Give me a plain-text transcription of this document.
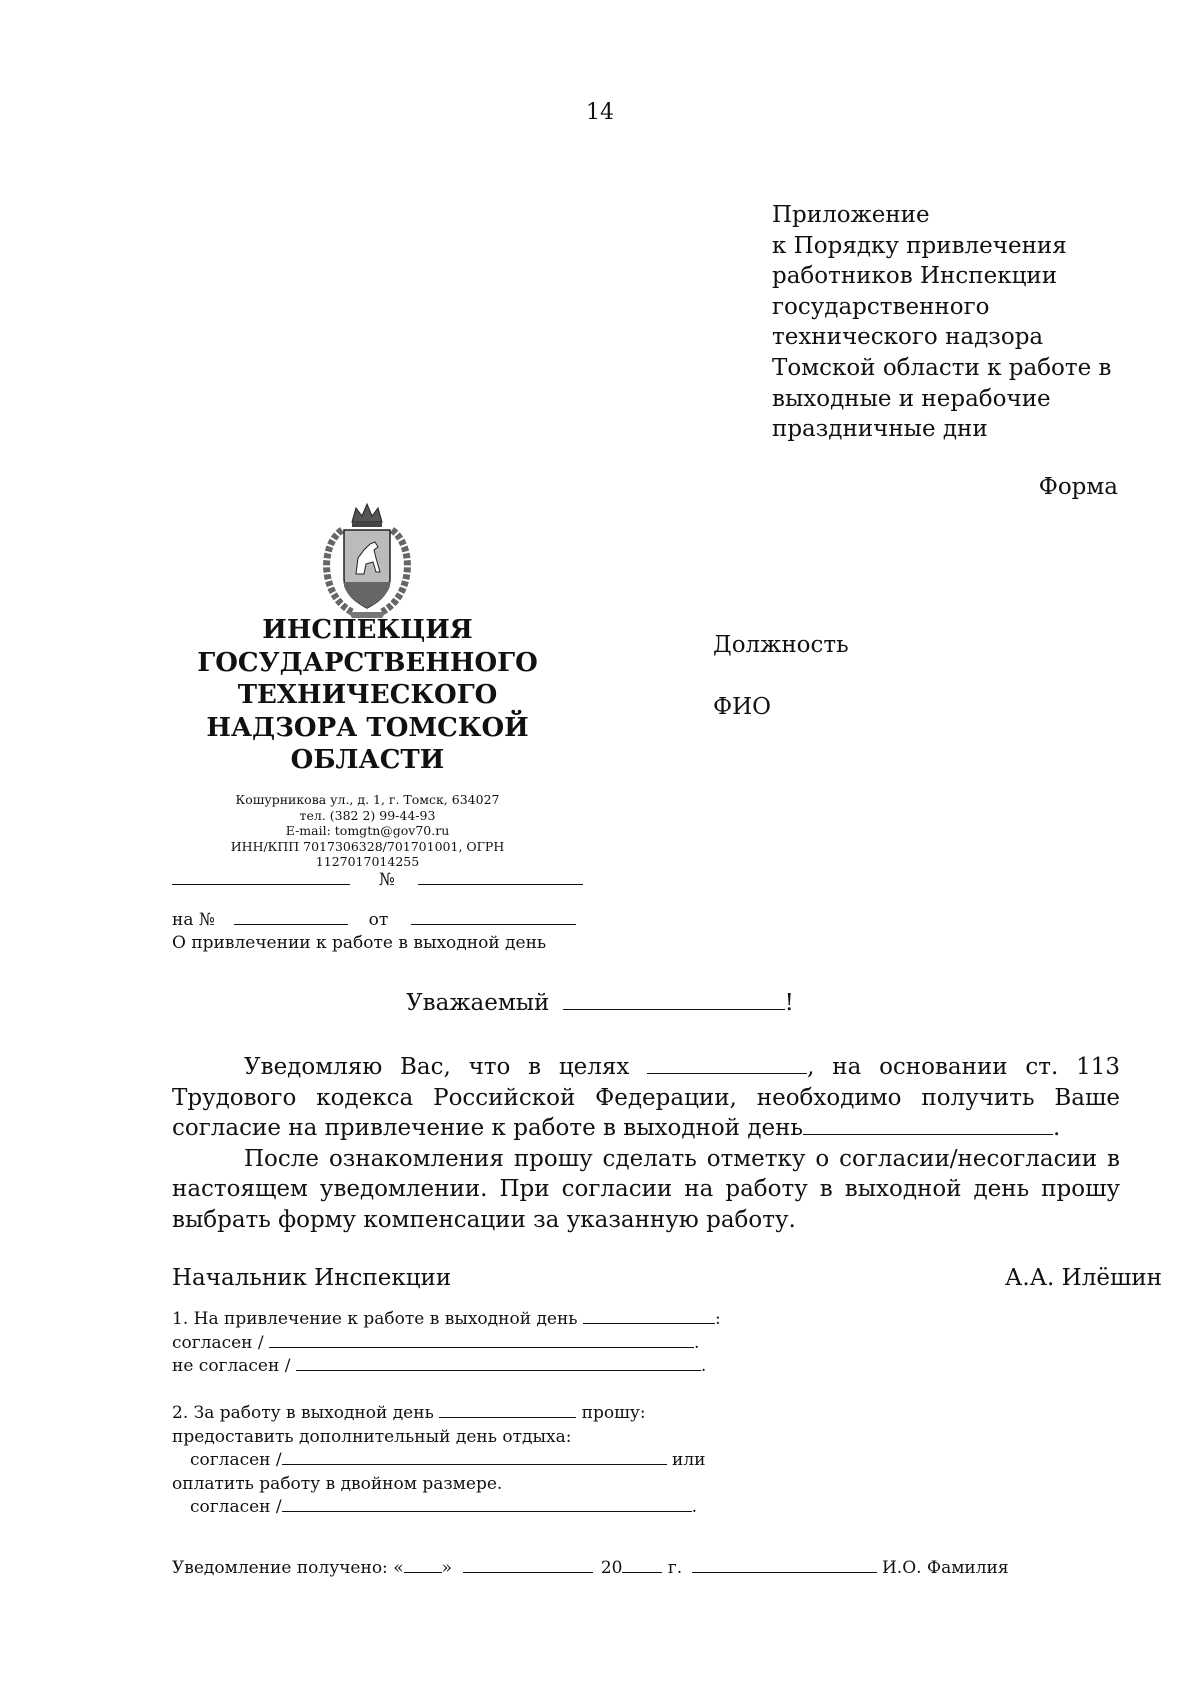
14
Приложение
к Порядку привлечения
работников Инспекции
государственного
технического надзора
Томской области к работе в
выходные и нерабочие
праздничные дни
Форма
ИНСПЕКЦИЯ
ГОСУДАРСТВЕННОГО
ТЕХНИЧЕСКОГО
НАДЗОРА ТОМСКОЙ
ОБЛАСТИ
Кошурникова ул., д. 1, г. Томск, 634027
тел. (382 2) 99-44-93
E-mail: tomgtn@gov70.ru
ИНН/КПП 7017306328/701701001, ОГРН 1127017014255
Должность
ФИО
№
на №	от
О привлечении к работе в выходной день
Уважаемый	!

Уведомляю Вас, что в целях	, на основании ст. 113 Трудового кодекса Российской Федерации, необходимо получить Ваше согласие на привлечение к работе в выходной день	.

После ознакомления прошу сделать отметку о согласии/несогласии в настоящем уведомлении. При согласии на работу в выходной день прошу выбрать форму компенсации за указанную работу.

Начальник Инспекции	А.А. Илёшин
1. На привлечение к работе в выходной день	:
согласен /	.
не согласен /	.
2. За работу в выходной день	прошу:
предоставить дополнительный день отдыха:
согласен /	или
оплатить работу в двойном размере.
согласен /	.
Уведомление получено: « »	20	г.	И.О. Фамилия
